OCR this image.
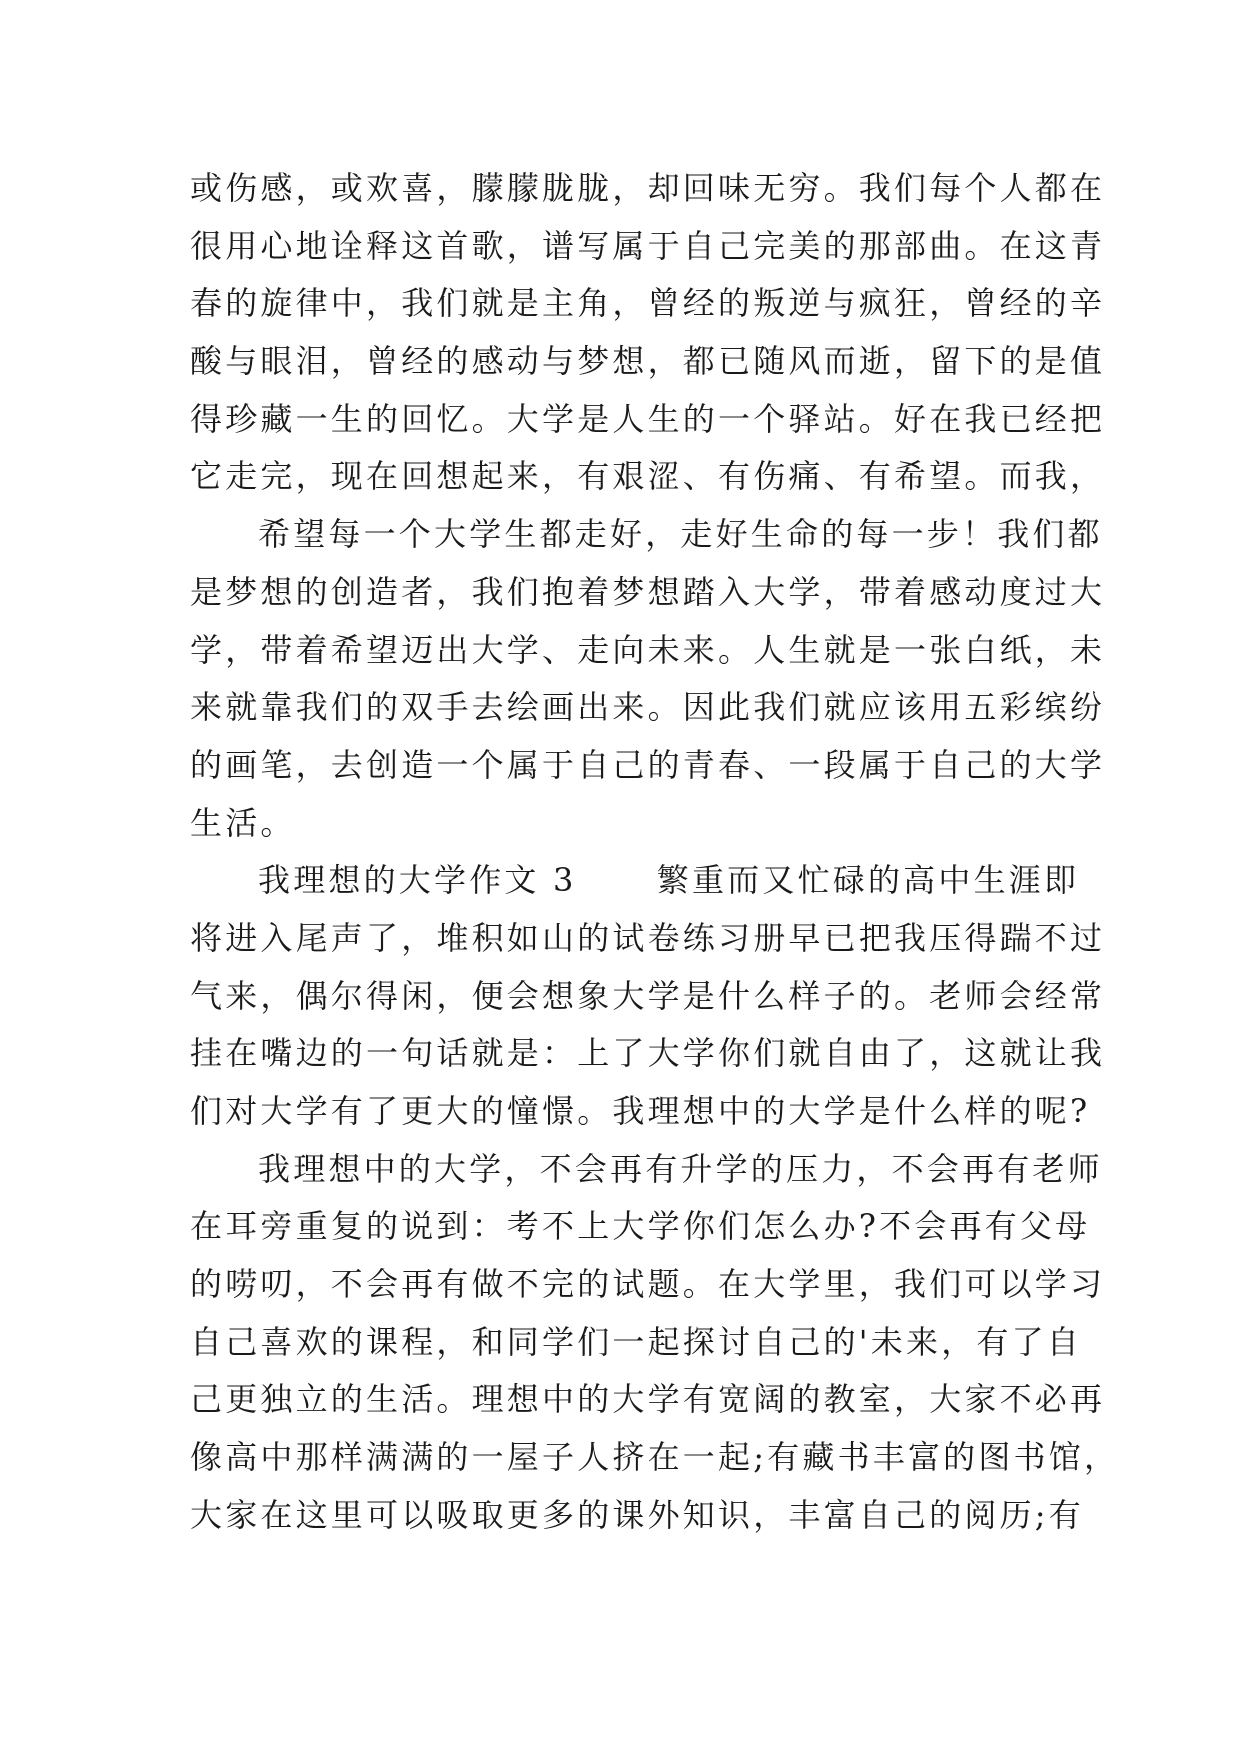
或伤感，或欢喜，朦朦胧胧，却回味无穷。我们每个人都在
很用心地诠释这首歌，谱写属于自己完美的那部曲。在这青
春的旋律中，我们就是主角，曾经的叛逆与疯狂，曾经的辛
酸与眼泪，曾经的感动与梦想，都已随风而逝，留下的是值
得珍藏一生的回忆。大学是人生的一个驿站。好在我已经把
它走完，现在回想起来，有艰涩、有伤痛、有希望。而我，
希望每一个大学生都走好，走好生命的每一步！我们都
是梦想的创造者，我们抱着梦想踏入大学，带着感动度过大
学，带着希望迈出大学、走向未来。人生就是一张白纸，未
来就靠我们的双手去绘画出来。因此我们就应该用五彩缤纷
的画笔，去创造一个属于自己的青春、一段属于自己的大学
生活。
我理想的大学作文 3      繁重而又忙碌的高中生涯即
将进入尾声了，堆积如山的试卷练习册早已把我压得踹不过
气来，偶尔得闲，便会想象大学是什么样子的。老师会经常
挂在嘴边的一句话就是：上了大学你们就自由了，这就让我
们对大学有了更大的憧憬。我理想中的大学是什么样的呢?
我理想中的大学，不会再有升学的压力，不会再有老师
在耳旁重复的说到：考不上大学你们怎么办?不会再有父母
的唠叨，不会再有做不完的试题。在大学里，我们可以学习
自己喜欢的课程，和同学们一起探讨自己的'未来，有了自
己更独立的生活。理想中的大学有宽阔的教室，大家不必再
像高中那样满满的一屋子人挤在一起;有藏书丰富的图书馆，
大家在这里可以吸取更多的课外知识，丰富自己的阅历;有
